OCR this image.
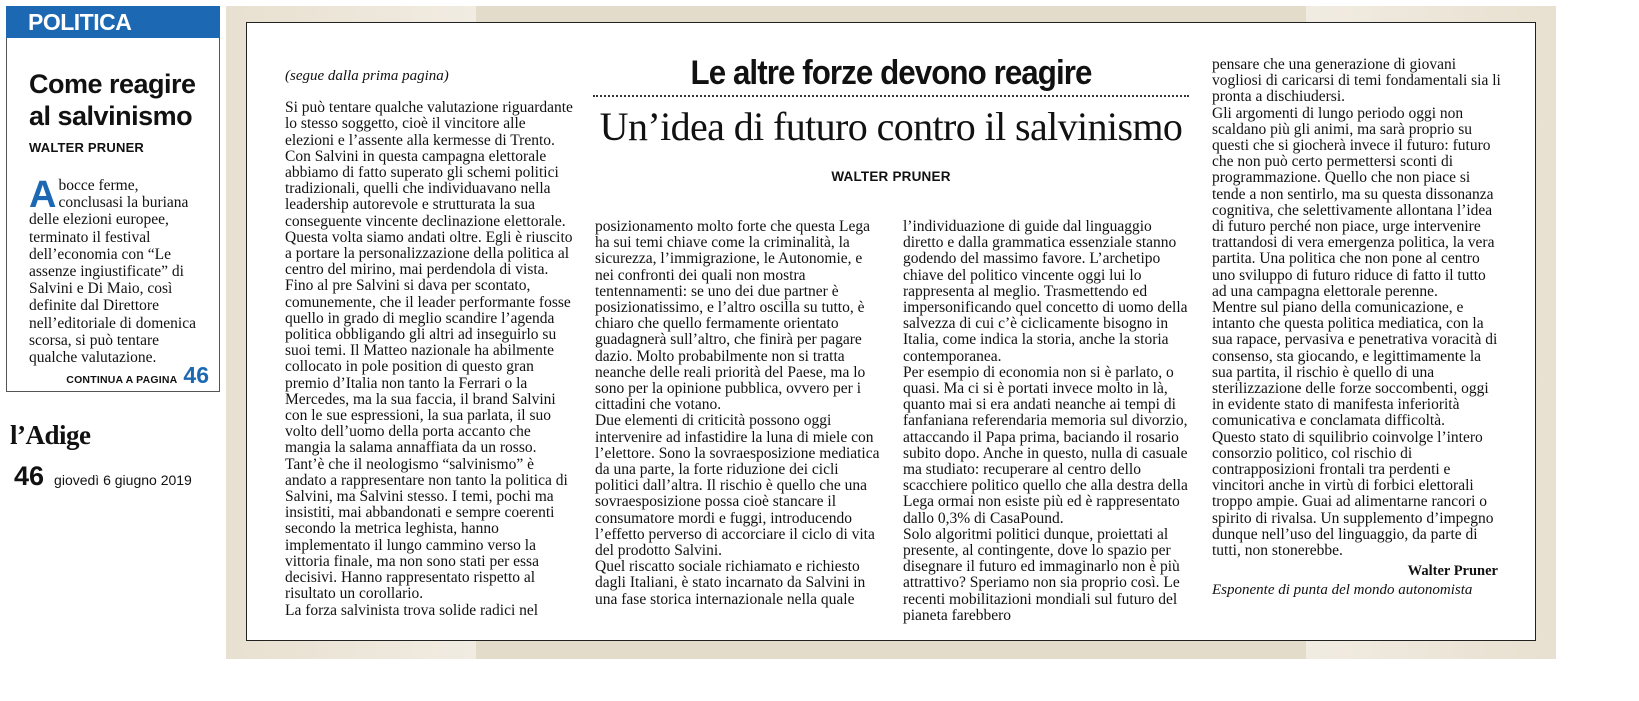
POLITICA
Come reagire
al salvinismo
WALTER PRUNER
A bocce ferme, conclusasi la buriana delle elezioni europee, terminato il festival dell’economia con “Le assenze ingiustificate” di Salvini e Di Maio, così definite dal Direttore nell’editoriale di domenica scorsa, si può tentare qualche valutazione.
CONTINUA A PAGINA 46
l’Adige
46 giovedì 6 giugno 2019
(segue dalla prima pagina)

Si può tentare qualche valutazione riguardante lo stesso soggetto, cioè il vincitore alle elezioni e l’assente alla kermesse di Trento. Con Salvini in questa campagna elettorale abbiamo di fatto superato gli schemi politici tradizionali, quelli che individuavano nella leadership autorevole e strutturata la sua conseguente vincente declinazione elettorale. Questa volta siamo andati oltre. Egli è riuscito a portare la personalizzazione della politica al centro del mirino, mai perdendola di vista. Fino al pre Salvini si dava per scontato, comunemente, che il leader performante fosse quello in grado di meglio scandire l’agenda politica obbligando gli altri ad inseguirlo su suoi temi. Il Matteo nazionale ha abilmente collocato in pole position di questo gran premio d’Italia non tanto la Ferrari o la Mercedes, ma la sua faccia, il brand Salvini con le sue espressioni, la sua parlata, il suo volto dell’uomo della porta accanto che mangia la salama annaffiata da un rosso. Tant’è che il neologismo “salvinismo” è andato a rappresentare non tanto la politica di Salvini, ma Salvini stesso. I temi, pochi ma insistiti, mai abbandonati e sempre coerenti secondo la metrica leghista, hanno implementato il lungo cammino verso la vittoria finale, ma non sono stati per essa decisivi. Hanno rappresentato rispetto al risultato un corollario.

La forza salvinista trova solide radici nel

Le altre forze devono reagire
Un’idea di futuro contro il salvinismo
WALTER PRUNER

posizionamento molto forte che questa Lega ha sui temi chiave come la criminalità, la sicurezza, l’immigrazione, le Autonomie, e nei confronti dei quali non mostra tentennamenti: se uno dei due partner è posizionatissimo, e l’altro oscilla su tutto, è chiaro che quello fermamente orientato guadagnerà sull’altro, che finirà per pagare dazio. Molto probabilmente non si tratta neanche delle reali priorità del Paese, ma lo sono per la opinione pubblica, ovvero per i cittadini che votano.

Due elementi di criticità possono oggi intervenire ad infastidire la luna di miele con l’elettore. Sono la sovraesposizione mediatica da una parte, la forte riduzione dei cicli politici dall’altra. Il rischio è quello che una sovraesposizione possa cioè stancare il consumatore mordi e fuggi, introducendo l’effetto perverso di accorciare il ciclo di vita del prodotto Salvini.

Quel riscatto sociale richiamato e richiesto dagli Italiani, è stato incarnato da Salvini in una fase storica internazionale nella quale

l’individuazione di guide dal linguaggio diretto e dalla grammatica essenziale stanno godendo del massimo favore. L’archetipo chiave del politico vincente oggi lui lo rappresenta al meglio. Trasmettendo ed impersonificando quel concetto di uomo della salvezza di cui c’è ciclicamente bisogno in Italia, come indica la storia, anche la storia contemporanea.

Per esempio di economia non si è parlato, o quasi. Ma ci si è portati invece molto in là, quanto mai si era andati neanche ai tempi di fanfaniana referendaria memoria sul divorzio, attaccando il Papa prima, baciando il rosario subito dopo. Anche in questo, nulla di casuale ma studiato: recuperare al centro dello scacchiere politico quello che alla destra della Lega ormai non esiste più ed è rappresentato dallo 0,3% di CasaPound.

Solo algoritmi politici dunque, proiettati al presente, al contingente, dove lo spazio per disegnare il futuro ed immaginarlo non è più attrattivo? Speriamo non sia proprio così. Le recenti mobilitazioni mondiali sul futuro del pianeta farebbero

pensare che una generazione di giovani vogliosi di caricarsi di temi fondamentali sia li pronta a dischiudersi.

Gli argomenti di lungo periodo oggi non scaldano più gli animi, ma sarà proprio su questi che si giocherà invece il futuro: futuro che non può certo permettersi sconti di programmazione. Quello che non piace si tende a non sentirlo, ma su questa dissonanza cognitiva, che selettivamente allontana l’idea di futuro perché non piace, urge intervenire trattandosi di vera emergenza politica, la vera partita. Una politica che non pone al centro uno sviluppo di futuro riduce di fatto il tutto ad una campagna elettorale perenne.

Mentre sul piano della comunicazione, e intanto che questa politica mediatica, con la sua rapace, pervasiva e penetrativa voracità di consenso, sta giocando, e legittimamente la sua partita, il rischio è quello di una sterilizzazione delle forze soccombenti, oggi in evidente stato di manifesta inferiorità comunicativa e conclamata difficoltà.

Questo stato di squilibrio coinvolge l’intero consorzio politico, col rischio di contrapposizioni frontali tra perdenti e vincitori anche in virtù di forbici elettorali troppo ampie. Guai ad alimentarne rancori o spirito di rivalsa. Un supplemento d’impegno dunque nell’uso del linguaggio, da parte di tutti, non stonerebbe.

Walter Pruner
Esponente di punta del mondo autonomista
